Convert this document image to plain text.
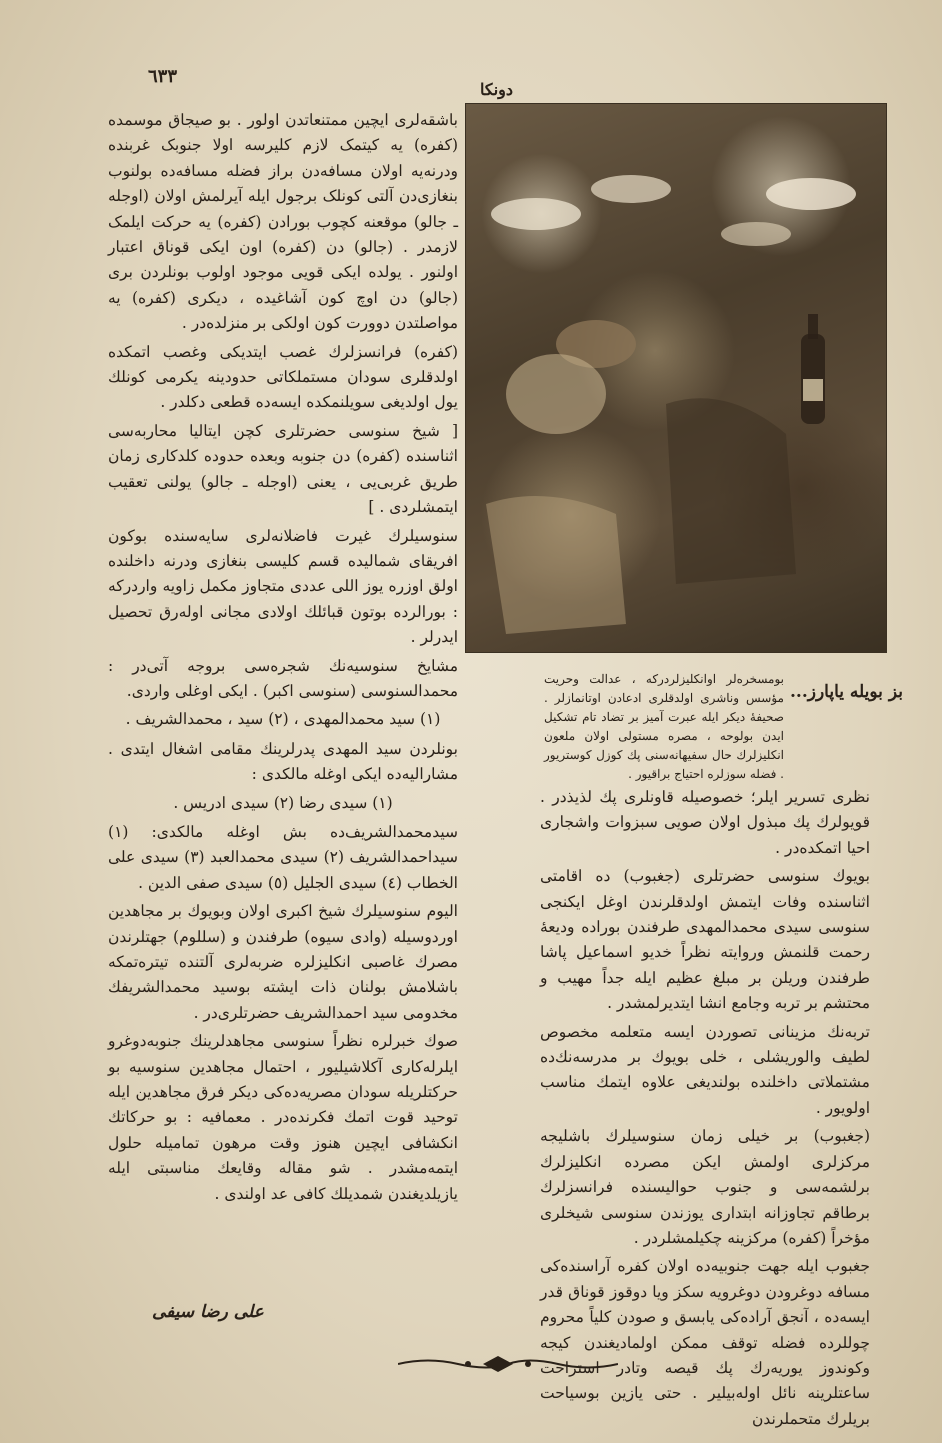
٦٣٣
دونکا

باشقه‌لری ایچین ممتنعاتدن اولور . بو صیجاق موسمده (کفره) یه کیتمک لازم کلیرسه اولا جنوبک غربنده ودرنه‌یه اولان مسافه‌دن براز فضله مسافه‌ده بولنوب بنغازی‌دن آلتی کونلک برجول ایله آیرلمش اولان (اوجله ـ جالو) موقعنه کچوب بورادن (کفره) یه حرکت ایلمک لازمدر . (جالو) دن (کفره) اون ایکی قوناق اعتبار اولنور . یولده ایکی قویی موجود اولوب بونلردن بری (جالو) دن اوچ کون آشاغیده ، دیکری (کفره) یه مواصلتدن دوورت کون اولکی بر منزلده‌در .

(کفره) فرانسزلرك غصب ایتدیکی وغصب اتمکده اولدقلری سودان مستملکاتی حدودینه یکرمی کونلك یول اولدیغی سویلنمکده ایسه‌ده قطعی دکلدر .

[ شیخ سنوسی حضرتلری کچن ایتالیا محاربه‌سی اثناسنده (کفره) دن جنوبه وبعده حدوده کلدکاری زمان طریق غربی‌یی ، یعنی (اوجله ـ جالو) یولنی تعقیب ایتمشلردی . ]

سنوسیلرك غیرت فاضلانه‌لری سایه‌سنده بوکون افریقای شمالیده قسم کلیسی بنغازی ودرنه داخلنده اولق اوزره یوز اللی عددی متجاوز مکمل زاویه واردرکه : بورالرده بوتون قبائلك اولادی مجانی اوله‌رق تحصیل ایدرلر .

مشایخ سنوسیه‌نك شجره‌سی بروجه آتی‌در : محمدالسنوسی (سنوسی اکبر) . ایکی اوغلی واردی.

(١) سید محمدالمهدی ، (٢) سید ، محمدالشریف .

بونلردن سید المهدی پدرلرینك مقامی اشغال ایتدی . مشارالیه‌ده ایکی اوغله مالکدی :

(١) سیدی رضا (٢) سیدی ادریس .

سیدمحمدالشریف‌ده بش اوغله مالکدی: (١) سیداحمدالشریف (٢) سیدی محمدالعبد (٣) سیدی علی الخطاب (٤) سیدی الجلیل (٥) سیدی صفی الدین .

الیوم سنوسیلرك شیخ اکبری اولان وبویوك بر مجاهدین اوردوسیله (وادی سیوه) طرفندن و (سللوم) جهتلرندن مصرك غاصبی انکلیزلره ضربه‌لری آلتنده تیتره‌تمکه باشلامش بولنان ذات ایشته بوسید محمدالشریفك مخدومی سید احمدالشریف حضرتلری‌در .

صوك خبرلره نظراً سنوسی مجاهدلرینك جنوبه‌دوغرو ایلرله‌کاری آکلاشیلیور ، احتمال مجاهدین سنوسیه بو حرکتلریله سودان مصریه‌ده‌کی دیکر فرق مجاهدین ایله توحید قوت اتمك فکرنده‌در . معمافیه : بو حرکاتك انکشافی ایچین هنوز وقت مرهون تمامیله حلول ایتمه‌مشدر . شو مقاله وقایعك مناسبتی ایله یازیلدیغندن شمدیلك کافی عد اولندی .

بز بویله یاپارز...

بومسخره‌لر اوانکلیزلردرکه ، عدالت وحریت مؤسس وناشری اولدقلری ادعادن اوتانمازلر . صحیفهٔ دیکر ایله عبرت آمیز بر تضاد تام تشکیل ایدن بولوحه ، مصره مستولی اولان ملعون انکلیزلرك حال سفیهانه‌سنی پك کوزل کوستریور . فضله سوزلره احتیاج براقیور .

نظری تسریر ایلر؛ خصوصیله قاونلری پك لذیذدر . قویولرك پك مبذول اولان صویی سبزوات واشجاری احیا اتمکده‌در .

بویوك سنوسی حضرتلری (جغبوب) ده اقامتی اثناسنده وفات ایتمش اولدقلرندن اوغل ایکنجی سنوسی سیدی محمدالمهدی طرفندن بوراده ودیعهٔ رحمت قلنمش وروایته نظراً خدیو اسماعیل پاشا طرفندن وریلن بر مبلغ عظیم ایله جداً مهیب و محتشم بر تربه وجامع انشا ایتدیرلمشدر .

تربه‌نك مزینانی تصوردن ایسه متعلمه مخصوص لطیف والوریشلی ، خلی بویوك بر مدرسه‌نك‌ده مشتملاتی داخلنده بولندیغی علاوه ایتمك مناسب اولویور .

(جغبوب) بر خیلی زمان سنوسیلرك باشلیجه مرکزلری اولمش ایکن مصرده انکلیزلرك برلشمه‌سی و جنوب حوالیسنده فرانسزلرك برطاقم تجاوزانه ابتداری یوزندن سنوسی شیخلری مؤخراً (کفره) مرکزینه چکیلمشلردر .

جغبوب ایله جهت جنوبیه‌ده اولان کفره آراسنده‌کی مسافه دوغرودن دوغرویه سکز ویا دوقوز قوناق قدر ایسه‌ده ، آنجق آرادەکی یابسق و صودن کلیاً محروم چوللرده فضله توقف ممکن اولمادیغندن کیجه وکوندوز یوریه‌رك پك قیصه وتادر استراحت ساعتلرینه نائل اوله‌بیلیر . حتی یازین بوسیاحت بریلرك متحملرندن

علی رضا سیفی
